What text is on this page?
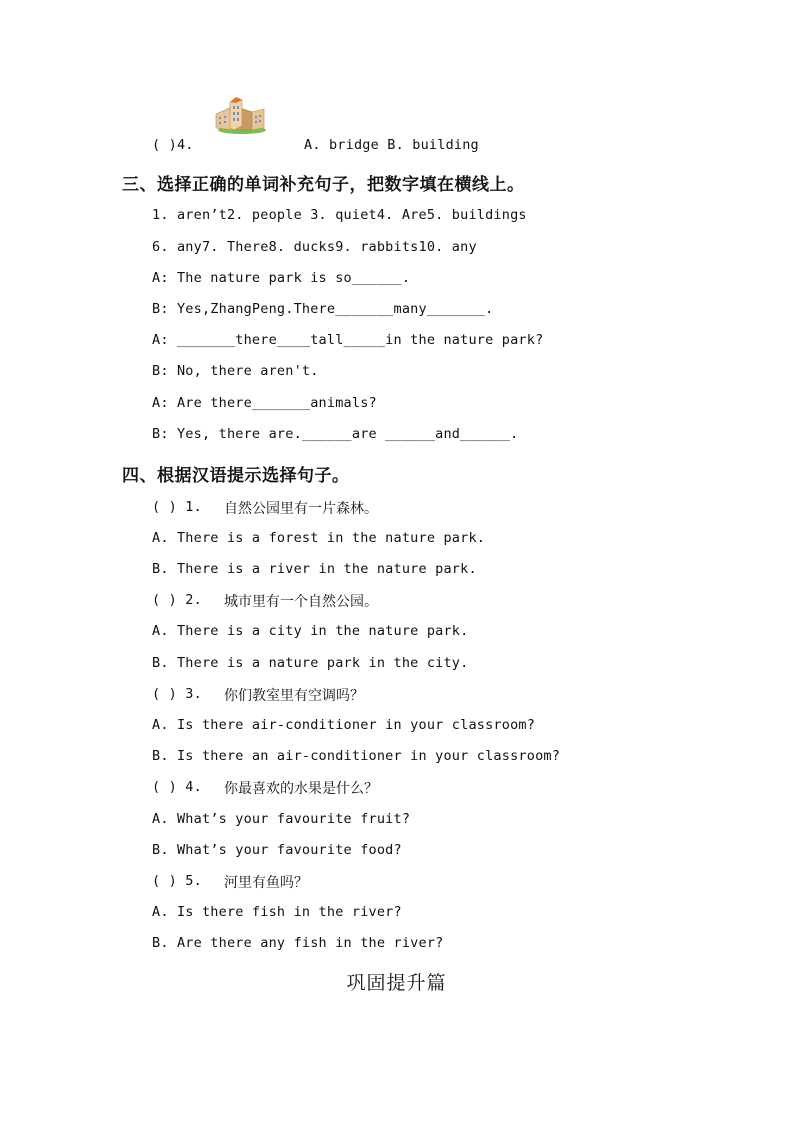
( )4.	A. bridge B. building
三、选择正确的单词补充句子，把数字填在横线上。
1. aren’t2. people 3. quiet4. Are5. buildings
6. any7. There8. ducks9. rabbits10. any
A: The nature park is so______.
B: Yes,ZhangPeng.There_______many_______.
A: _______there____tall_____in the nature park?
B: No, there aren't.
A: Are there_______animals?
B: Yes, there are.______are ______and______.
四、根据汉语提示选择句子。
( ) 1. 自然公园里有一片森林。
A. There is a forest in the nature park.
B. There is a river in the nature park.
( ) 2. 城市里有一个自然公园。
A. There is a city in the nature park.
B. There is a nature park in the city.
( ) 3. 你们教室里有空调吗？
A. Is there air-conditioner in your classroom?
B. Is there an air-conditioner in your classroom?
( ) 4. 你最喜欢的水果是什么？
A. What’s your favourite fruit?
B. What’s your favourite food?
( ) 5. 河里有鱼吗？
A. Is there fish in the river?
B. Are there any fish in the river?
巩固提升篇
